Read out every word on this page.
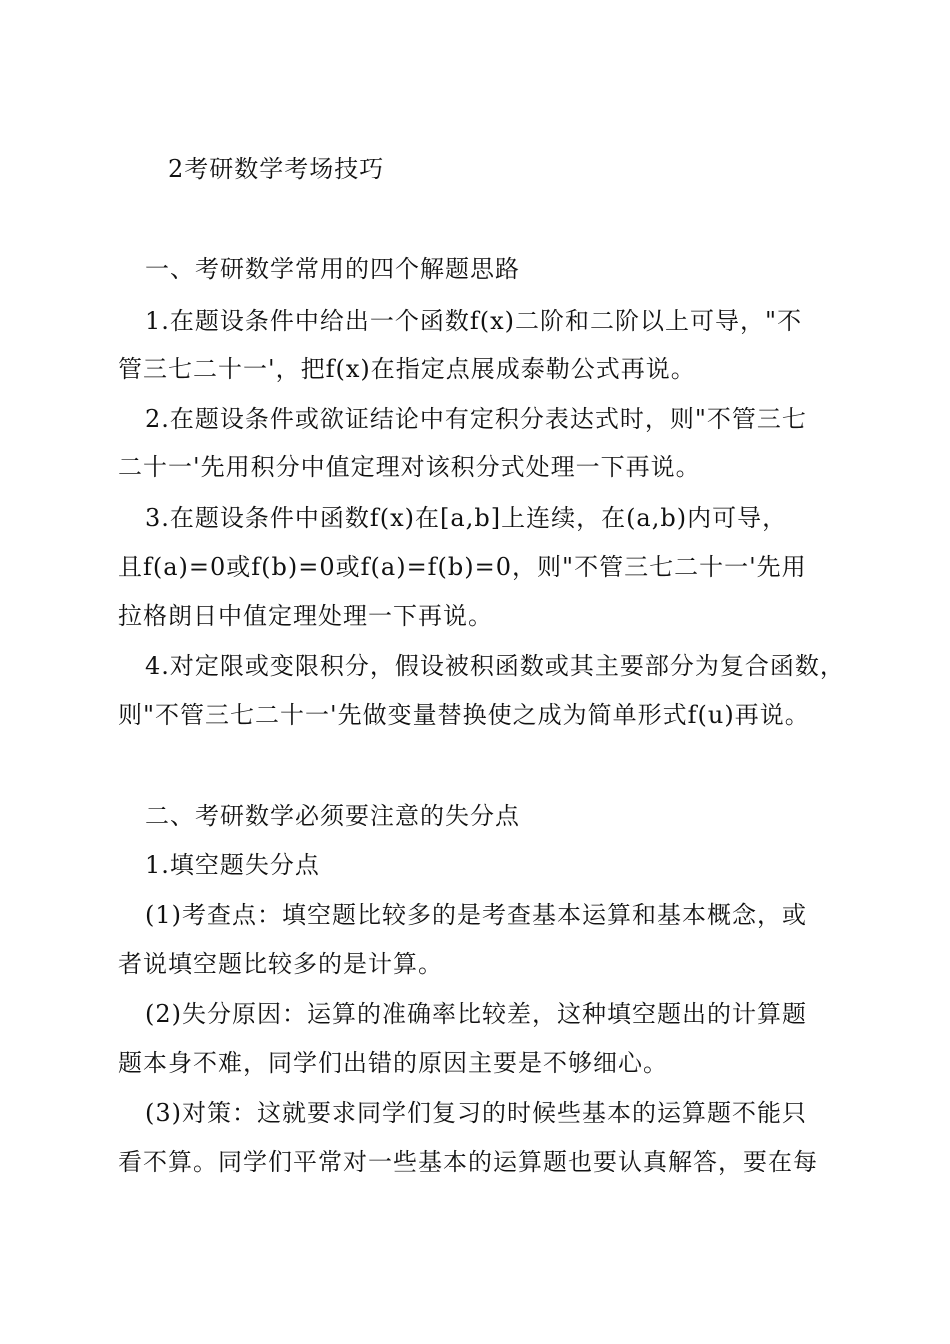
2考研数学考场技巧
一、考研数学常用的四个解题思路
1.在题设条件中给出一个函数f(x)二阶和二阶以上可导，"不
管三七二十一'，把f(x)在指定点展成泰勒公式再说。
2.在题设条件或欲证结论中有定积分表达式时，则"不管三七
二十一'先用积分中值定理对该积分式处理一下再说。
3.在题设条件中函数f(x)在[a,b]上连续，在(a,b)内可导，
且f(a)=0或f(b)=0或f(a)=f(b)=0，则"不管三七二十一'先用
拉格朗日中值定理处理一下再说。
4.对定限或变限积分，假设被积函数或其主要部分为复合函数，
则"不管三七二十一'先做变量替换使之成为简单形式f(u)再说。
二、考研数学必须要注意的失分点
1.填空题失分点
(1)考查点：填空题比较多的是考查基本运算和基本概念，或
者说填空题比较多的是计算。
(2)失分原因：运算的准确率比较差，这种填空题出的计算题
题本身不难，同学们出错的原因主要是不够细心。
(3)对策：这就要求同学们复习的时候些基本的运算题不能只
看不算。同学们平常对一些基本的运算题也要认真解答，要在每
